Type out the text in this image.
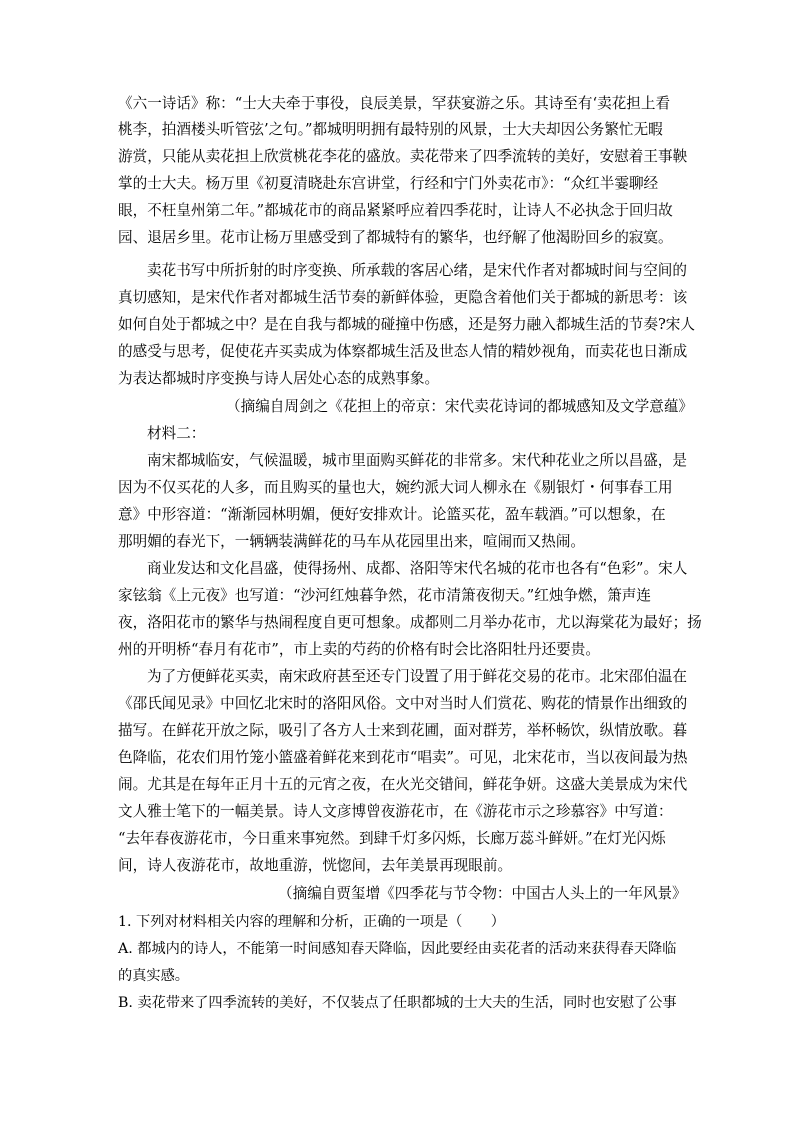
《六一诗话》称：“士大夫牵于事役，良辰美景，罕获宴游之乐。其诗至有‘卖花担上看
桃李，拍酒楼头听管弦’之句。”都城明明拥有最特别的风景，士大夫却因公务繁忙无暇
游赏，只能从卖花担上欣赏桃花李花的盛放。卖花带来了四季流转的美好，安慰着王事鞅
掌的士大夫。杨万里《初夏清晓赴东宫讲堂，行经和宁门外卖花市》：“众红半霎聊经
眼，不枉皇州第二年。”都城花市的商品紧紧呼应着四季花时，让诗人不必执念于回归故
园、退居乡里。花市让杨万里感受到了都城特有的繁华，也纾解了他渴盼回乡的寂寞。
卖花书写中所折射的时序变换、所承载的客居心绪，是宋代作者对都城时间与空间的
真切感知，是宋代作者对都城生活节奏的新鲜体验，更隐含着他们关于都城的新思考：该
如何自处于都城之中？是在自我与都城的碰撞中伤感，还是努力融入都城生活的节奏?宋人
的感受与思考，促使花卉买卖成为体察都城生活及世态人情的精妙视角，而卖花也日渐成
为表达都城时序变换与诗人居处心态的成熟事象。
（摘编自周剑之《花担上的帝京：宋代卖花诗词的都城感知及文学意蕴》
材料二：
南宋都城临安，气候温暖，城市里面购买鲜花的非常多。宋代种花业之所以昌盛，是
因为不仅买花的人多，而且购买的量也大，婉约派大词人柳永在《剔银灯・何事春工用
意》中形容道：“渐渐园林明媚，便好安排欢计。论篮买花，盈车载酒。”可以想象，在
那明媚的春光下，一辆辆装满鲜花的马车从花园里出来，喧闹而又热闹。
商业发达和文化昌盛，使得扬州、成都、洛阳等宋代名城的花市也各有“色彩”。宋人
家铉翁《上元夜》也写道：“沙河红烛暮争然，花市清箫夜彻天。”红烛争燃，箫声连
夜，洛阳花市的繁华与热闹程度自更可想象。成都则二月举办花市，尤以海棠花为最好；扬
州的开明桥“春月有花市”，市上卖的芍药的价格有时会比洛阳牡丹还要贵。
为了方便鲜花买卖，南宋政府甚至还专门设置了用于鲜花交易的花市。北宋邵伯温在
《邵氏闻见录》中回忆北宋时的洛阳风俗。文中对当时人们赏花、购花的情景作出细致的
描写。在鲜花开放之际，吸引了各方人士来到花圃，面对群芳，举杯畅饮，纵情放歌。暮
色降临，花农们用竹笼小篮盛着鲜花来到花市“唱卖”。可见，北宋花市，当以夜间最为热
闹。尤其是在每年正月十五的元宵之夜，在火光交错间，鲜花争妍。这盛大美景成为宋代
文人雅士笔下的一幅美景。诗人文彦博曾夜游花市，在《游花市示之珍慕容》中写道：
“去年春夜游花市，今日重来事宛然。到肆千灯多闪烁，长廊万蕊斗鲜妍。”在灯光闪烁
间，诗人夜游花市，故地重游，恍惚间，去年美景再现眼前。
（摘编自贾玺增《四季花与节令物：中国古人头上的一年风景》
1. 下列对材料相关内容的理解和分析，正确的一项是（　　）
A. 都城内的诗人，不能第一时间感知春天降临，因此要经由卖花者的活动来获得春天降临
的真实感。
B. 卖花带来了四季流转的美好，不仅装点了任职都城的士大夫的生活，同时也安慰了公事
